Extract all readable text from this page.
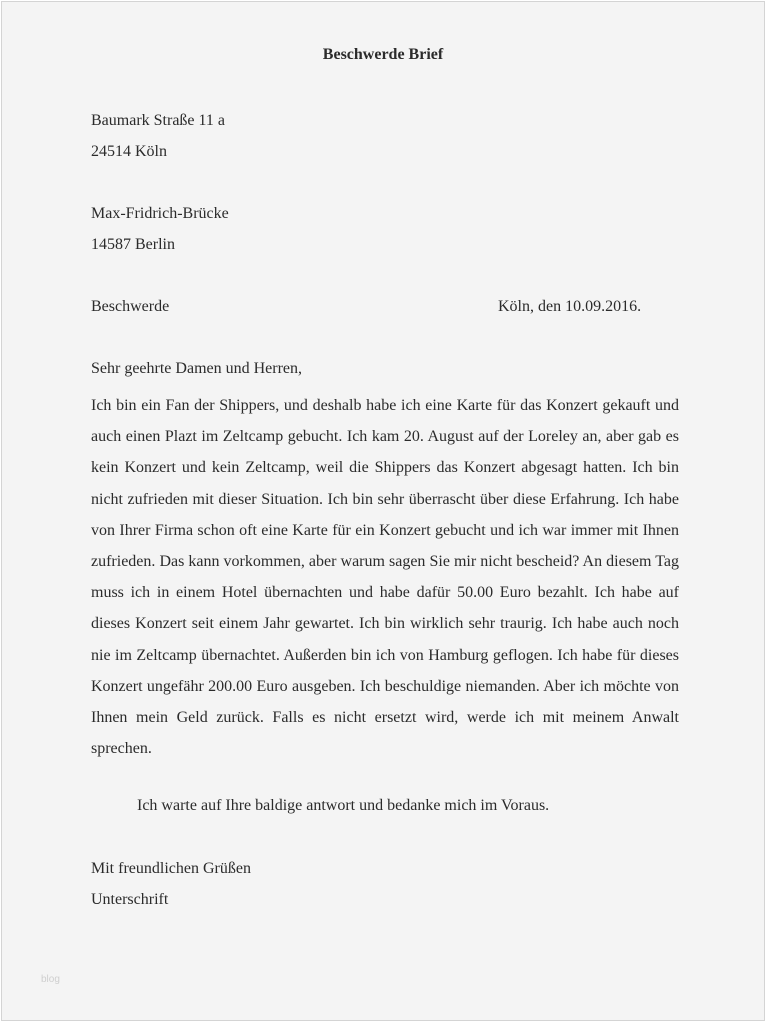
Beschwerde Brief
Baumark Straße 11 a
24514 Köln
Max-Fridrich-Brücke
14587 Berlin
Beschwerde	Köln, den 10.09.2016.
Sehr geehrte Damen und Herren,
Ich bin ein Fan der Shippers, und deshalb habe ich eine Karte für das Konzert gekauft und auch einen Plazt im Zeltcamp gebucht. Ich kam 20. August auf der Loreley an, aber gab es kein Konzert und kein Zeltcamp, weil die Shippers das Konzert abgesagt hatten. Ich bin nicht zufrieden mit dieser Situation. Ich bin sehr überrascht über diese Erfahrung. Ich habe von Ihrer Firma schon oft eine Karte für ein Konzert gebucht und ich war immer mit Ihnen zufrieden. Das kann vorkommen, aber warum sagen Sie mir nicht bescheid? An diesem Tag muss ich in einem Hotel übernachten und habe dafür 50.00 Euro bezahlt. Ich habe auf dieses Konzert seit einem Jahr gewartet. Ich bin wirklich sehr traurig. Ich habe auch noch nie im Zeltcamp übernachtet. Außerden bin ich von Hamburg geflogen. Ich habe für dieses Konzert ungefähr 200.00 Euro ausgeben. Ich beschuldige niemanden. Aber ich möchte von Ihnen mein Geld zurück. Falls es nicht ersetzt wird, werde ich mit meinem Anwalt sprechen.
Ich warte auf Ihre baldige antwort und bedanke mich im Voraus.
Mit freundlichen Grüßen
Unterschrift
blog
